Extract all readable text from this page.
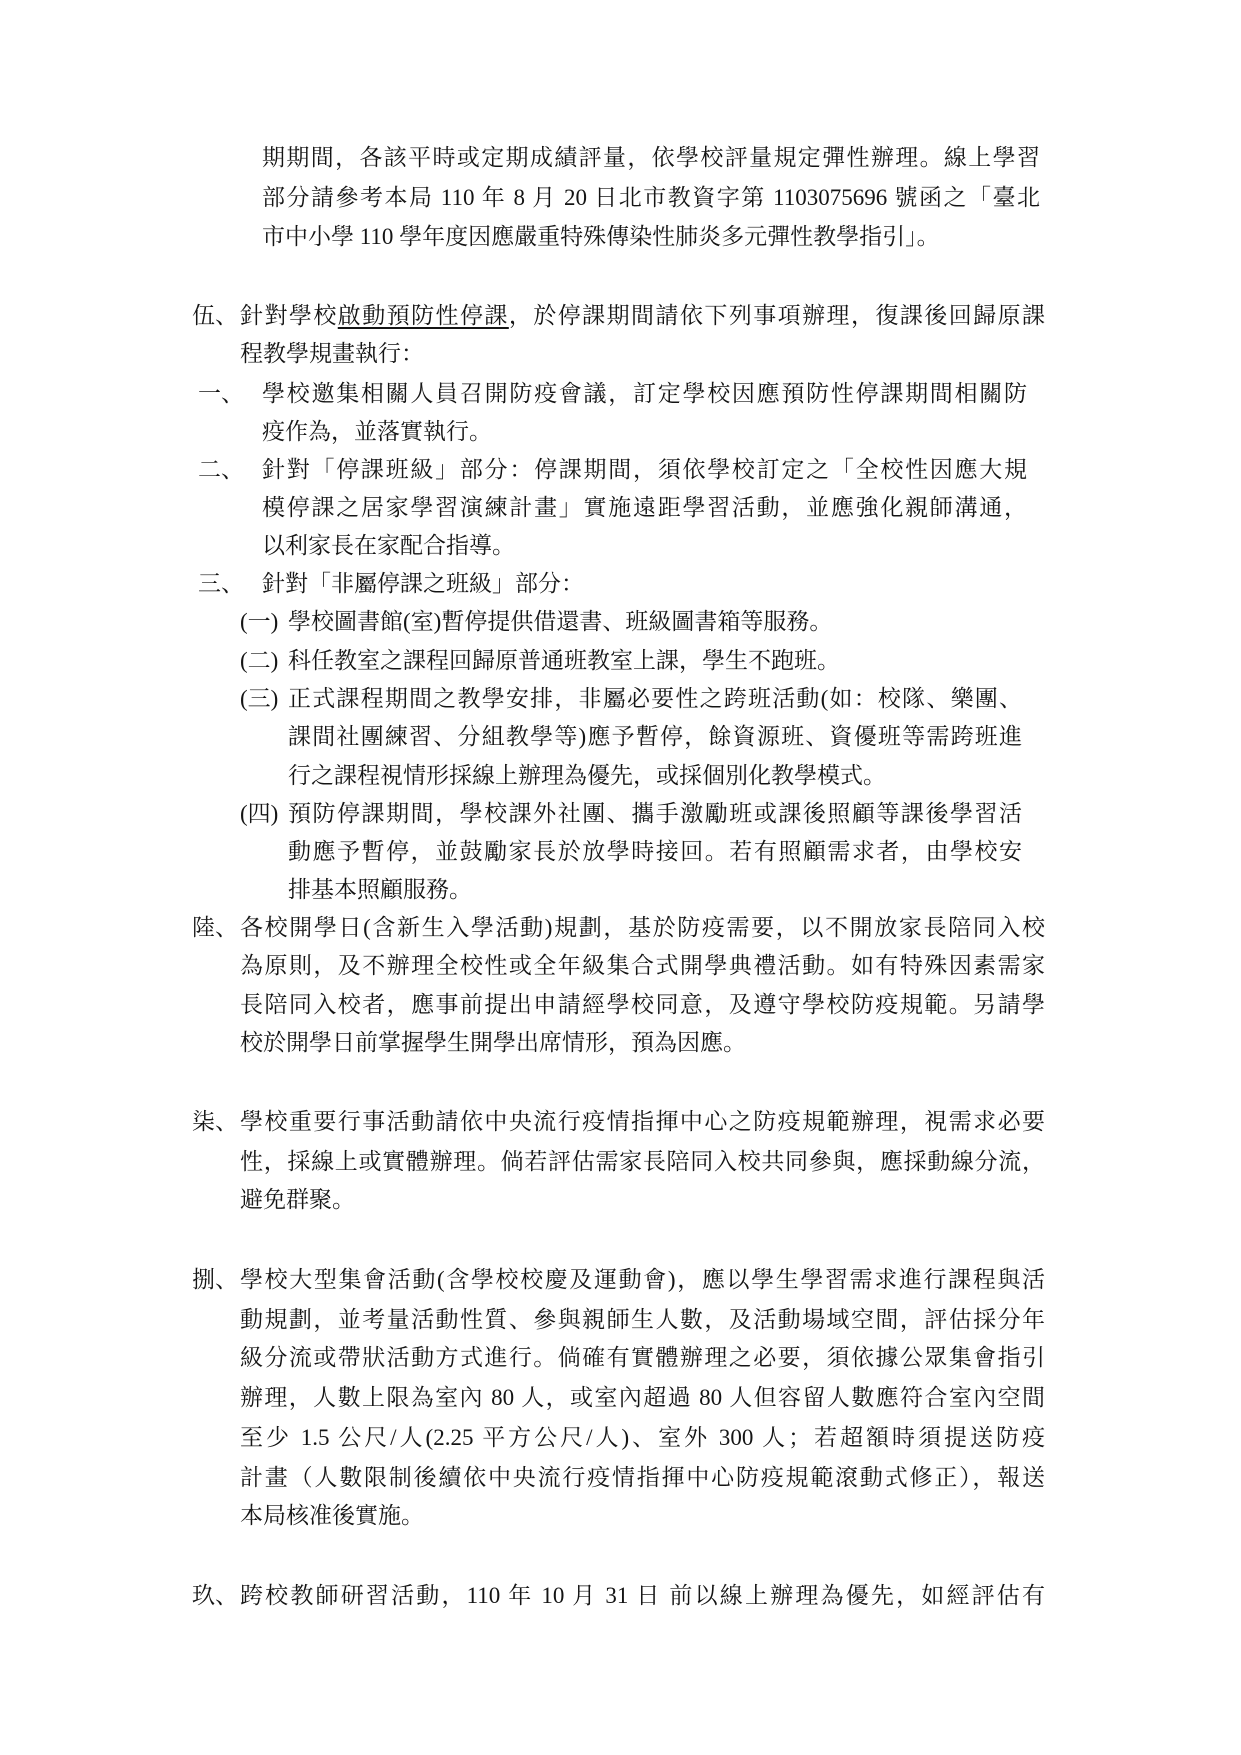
期期間，各該平時或定期成績評量，依學校評量規定彈性辦理。線上學習
部分請參考本局 110 年 8 月 20 日北市教資字第 1103075696 號函之「臺北
市中小學 110 學年度因應嚴重特殊傳染性肺炎多元彈性教學指引」。
伍、 針對學校啟動預防性停課，於停課期間請依下列事項辦理，復課後回歸原課
程教學規畫執行：
一、 學校邀集相關人員召開防疫會議，訂定學校因應預防性停課期間相關防
疫作為，並落實執行。
二、 針對「停課班級」部分：停課期間，須依學校訂定之「全校性因應大規
模停課之居家學習演練計畫」實施遠距學習活動，並應強化親師溝通，
以利家長在家配合指導。
三、 針對「非屬停課之班級」部分：
(一) 學校圖書館(室)暫停提供借還書、班級圖書箱等服務。
(二) 科任教室之課程回歸原普通班教室上課，學生不跑班。
(三) 正式課程期間之教學安排，非屬必要性之跨班活動(如：校隊、樂團、
課間社團練習、分組教學等)應予暫停，餘資源班、資優班等需跨班進
行之課程視情形採線上辦理為優先，或採個別化教學模式。
(四) 預防停課期間，學校課外社團、攜手激勵班或課後照顧等課後學習活
動應予暫停，並鼓勵家長於放學時接回。若有照顧需求者，由學校安
排基本照顧服務。
陸、 各校開學日(含新生入學活動)規劃，基於防疫需要，以不開放家長陪同入校
為原則，及不辦理全校性或全年級集合式開學典禮活動。如有特殊因素需家
長陪同入校者，應事前提出申請經學校同意，及遵守學校防疫規範。另請學
校於開學日前掌握學生開學出席情形，預為因應。
柒、 學校重要行事活動請依中央流行疫情指揮中心之防疫規範辦理，視需求必要
性，採線上或實體辦理。倘若評估需家長陪同入校共同參與，應採動線分流，
避免群聚。
捌、 學校大型集會活動(含學校校慶及運動會)，應以學生學習需求進行課程與活
動規劃，並考量活動性質、參與親師生人數，及活動場域空間，評估採分年
級分流或帶狀活動方式進行。倘確有實體辦理之必要，須依據公眾集會指引
辦理，人數上限為室內 80 人，或室內超過 80 人但容留人數應符合室內空間
至少 1.5 公尺/人(2.25 平方公尺/人)、室外 300 人；若超額時須提送防疫
計畫（人數限制後續依中央流行疫情指揮中心防疫規範滾動式修正），報送
本局核准後實施。
玖、 跨校教師研習活動，110 年 10 月 31 日 前以線上辦理為優先，如經評估有
